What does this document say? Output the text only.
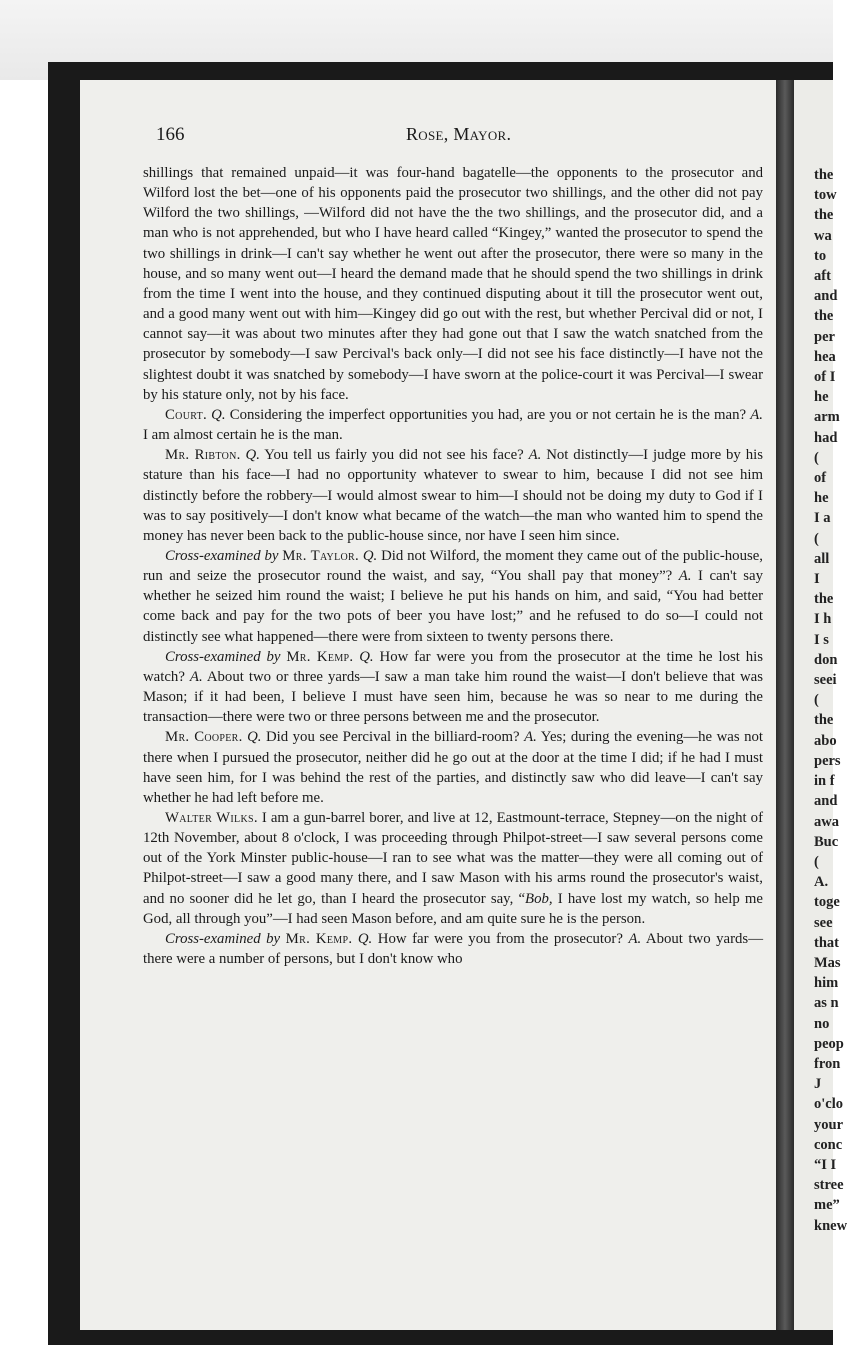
166	Rose, Mayor.

shillings that remained unpaid—it was four-hand bagatelle—the opponents to the prosecutor and Wilford lost the bet—one of his opponents paid the prosecutor two shillings, and the other did not pay Wilford the two shillings, —Wilford did not have the the two shillings, and the prosecutor did, and a man who is not apprehended, but who I have heard called “Kingey,” wanted the prosecutor to spend the two shillings in drink—I can't say whether he went out after the prosecutor, there were so many in the house, and so many went out—I heard the demand made that he should spend the two shillings in drink from the time I went into the house, and they continued disputing about it till the prosecutor went out, and a good many went out with him—Kingey did go out with the rest, but whether Percival did or not, I cannot say—it was about two minutes after they had gone out that I saw the watch snatched from the prosecutor by somebody—I saw Percival's back only—I did not see his face distinctly—I have not the slightest doubt it was snatched by somebody—I have sworn at the police-court it was Percival—I swear by his stature only, not by his face.

Court. Q. Considering the imperfect opportunities you had, are you or not certain he is the man? A. I am almost certain he is the man.

Mr. Ribton. Q. You tell us fairly you did not see his face? A. Not distinctly—I judge more by his stature than his face—I had no opportunity whatever to swear to him, because I did not see him distinctly before the robbery—I would almost swear to him—I should not be doing my duty to God if I was to say positively—I don't know what became of the watch—the man who wanted him to spend the money has never been back to the public-house since, nor have I seen him since.

Cross-examined by Mr. Taylor. Q. Did not Wilford, the moment they came out of the public-house, run and seize the prosecutor round the waist, and say, “You shall pay that money”? A. I can't say whether he seized him round the waist; I believe he put his hands on him, and said, “You had better come back and pay for the two pots of beer you have lost;” and he refused to do so—I could not distinctly see what happened—there were from sixteen to twenty persons there.

Cross-examined by Mr. Kemp. Q. How far were you from the prosecutor at the time he lost his watch? A. About two or three yards—I saw a man take him round the waist—I don't believe that was Mason; if it had been, I believe I must have seen him, because he was so near to me during the transaction—there were two or three persons between me and the prosecutor.

Mr. Cooper. Q. Did you see Percival in the billiard-room? A. Yes; during the evening—he was not there when I pursued the prosecutor, neither did he go out at the door at the time I did; if he had I must have seen him, for I was behind the rest of the parties, and distinctly saw who did leave—I can't say whether he had left before me.

Walter Wilks. I am a gun-barrel borer, and live at 12, Eastmount-terrace, Stepney—on the night of 12th November, about 8 o'clock, I was proceeding through Philpot-street—I saw several persons come out of the York Minster public-house—I ran to see what was the matter—they were all coming out of Philpot-street—I saw a good many there, and I saw Mason with his arms round the prosecutor's waist, and no sooner did he let go, than I heard the prosecutor say, “Bob, I have lost my watch, so help me God, all through you”—I had seen Mason before, and am quite sure he is the person.

Cross-examined by Mr. Kemp. Q. How far were you from the prosecutor? A. About two yards—there were a number of persons, but I don't know who

the
tow
the
wa
to
aft
and
the
per
hea
of I
he
arm
had
(
of
he
I a
(
all
I
the
I h
I s
don
seei
(
the
abo
pers
in f
and
awa
Buc
(
A.
toge
see
that
Mas
him
as n
no
peop
fron
J
o'clo
your
conc
“I I
stree
me”
knew
